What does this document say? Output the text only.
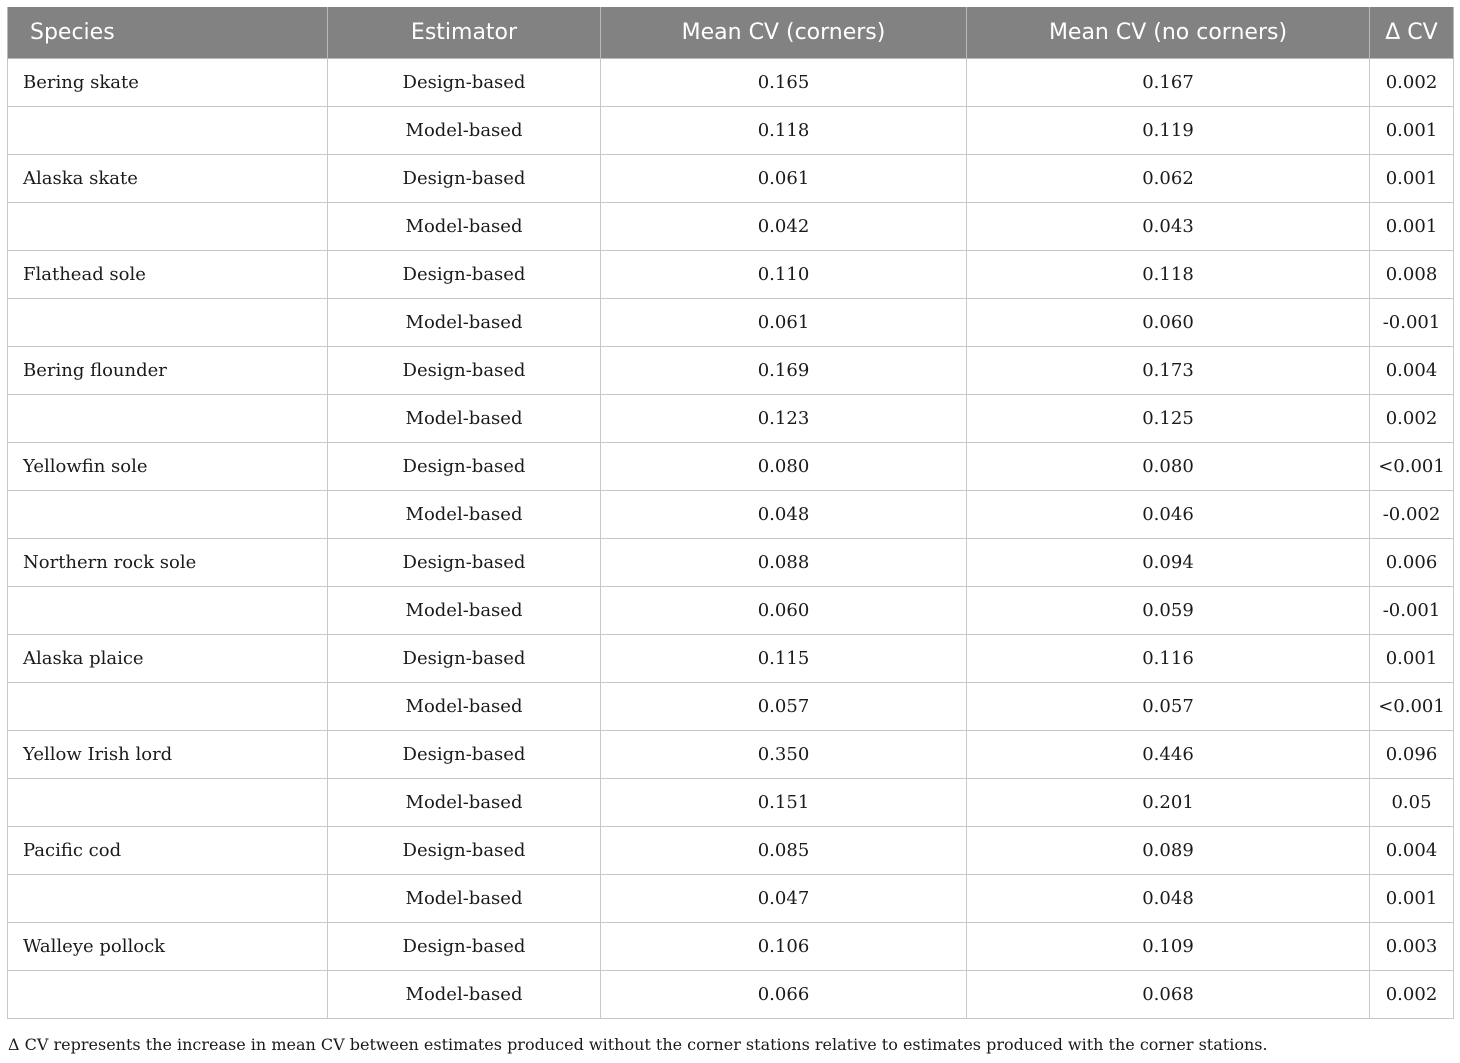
Species	Estimator	Mean CV (corners)	Mean CV (no corners)	Δ CV
Bering skate	Design-based	0.165	0.167	0.002
	Model-based	0.118	0.119	0.001
Alaska skate	Design-based	0.061	0.062	0.001
	Model-based	0.042	0.043	0.001
Flathead sole	Design-based	0.110	0.118	0.008
	Model-based	0.061	0.060	-0.001
Bering flounder	Design-based	0.169	0.173	0.004
	Model-based	0.123	0.125	0.002
Yellowfin sole	Design-based	0.080	0.080	<0.001
	Model-based	0.048	0.046	-0.002
Northern rock sole	Design-based	0.088	0.094	0.006
	Model-based	0.060	0.059	-0.001
Alaska plaice	Design-based	0.115	0.116	0.001
	Model-based	0.057	0.057	<0.001
Yellow Irish lord	Design-based	0.350	0.446	0.096
	Model-based	0.151	0.201	0.05
Pacific cod	Design-based	0.085	0.089	0.004
	Model-based	0.047	0.048	0.001
Walleye pollock	Design-based	0.106	0.109	0.003
	Model-based	0.066	0.068	0.002
Δ CV represents the increase in mean CV between estimates produced without the corner stations relative to estimates produced with the corner stations.
